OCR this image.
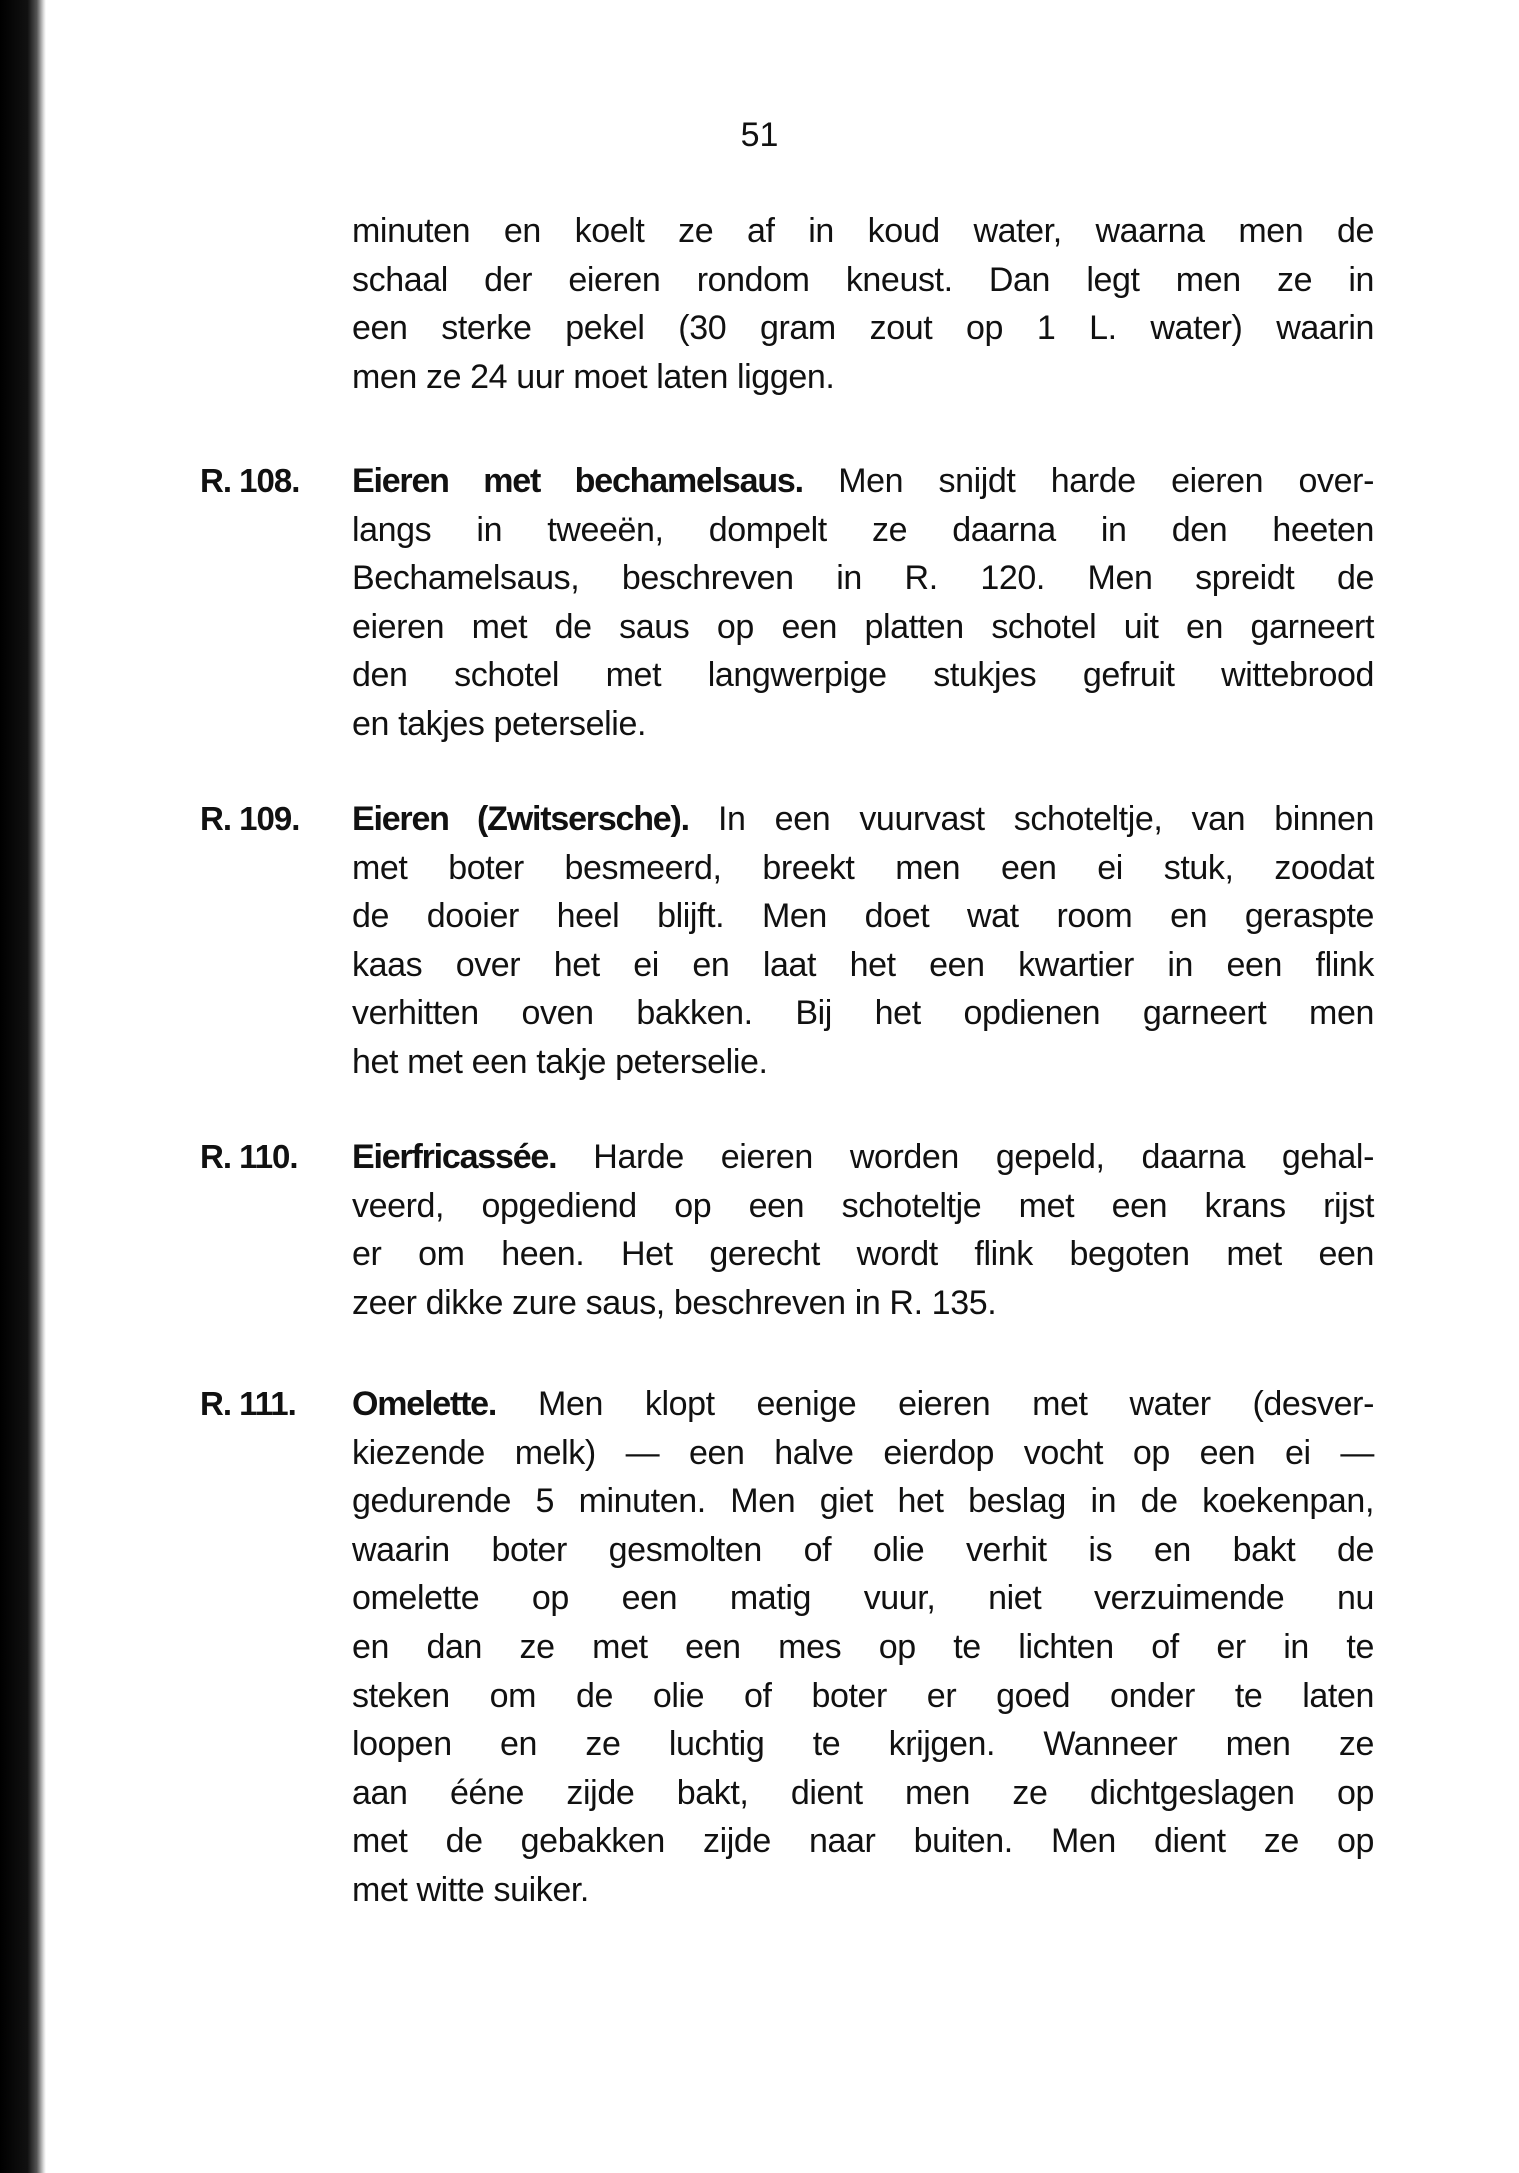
51
minuten en koelt ze af in koud water, waarna men de
schaal der eieren rondom kneust. Dan legt men ze in
een sterke pekel (30 gram zout op 1 L. water) waarin
men ze 24 uur moet laten liggen.
R. 108. Eieren met bechamelsaus. Men snijdt harde eieren over-
langs in tweeën, dompelt ze daarna in den heeten
Bechamelsaus, beschreven in R. 120. Men spreidt de
eieren met de saus op een platten schotel uit en garneert
den schotel met langwerpige stukjes gefruit wittebrood
en takjes peterselie.
R. 109. Eieren (Zwitsersche). In een vuurvast schoteltje, van binnen
met boter besmeerd, breekt men een ei stuk, zoodat
de dooier heel blijft. Men doet wat room en geraspte
kaas over het ei en laat het een kwartier in een flink
verhitten oven bakken. Bij het opdienen garneert men
het met een takje peterselie.
R. 110. Eierfricassée. Harde eieren worden gepeld, daarna gehal-
veerd, opgediend op een schoteltje met een krans rijst
er om heen. Het gerecht wordt flink begoten met een
zeer dikke zure saus, beschreven in R. 135.
R. 111. Omelette. Men klopt eenige eieren met water (desver-
kiezende melk) — een halve eierdop vocht op een ei —
gedurende 5 minuten. Men giet het beslag in de koekenpan,
waarin boter gesmolten of olie verhit is en bakt de
omelette op een matig vuur, niet verzuimende nu
en dan ze met een mes op te lichten of er in te
steken om de olie of boter er goed onder te laten
loopen en ze luchtig te krijgen. Wanneer men ze
aan ééne zijde bakt, dient men ze dichtgeslagen op
met de gebakken zijde naar buiten. Men dient ze op
met witte suiker.
